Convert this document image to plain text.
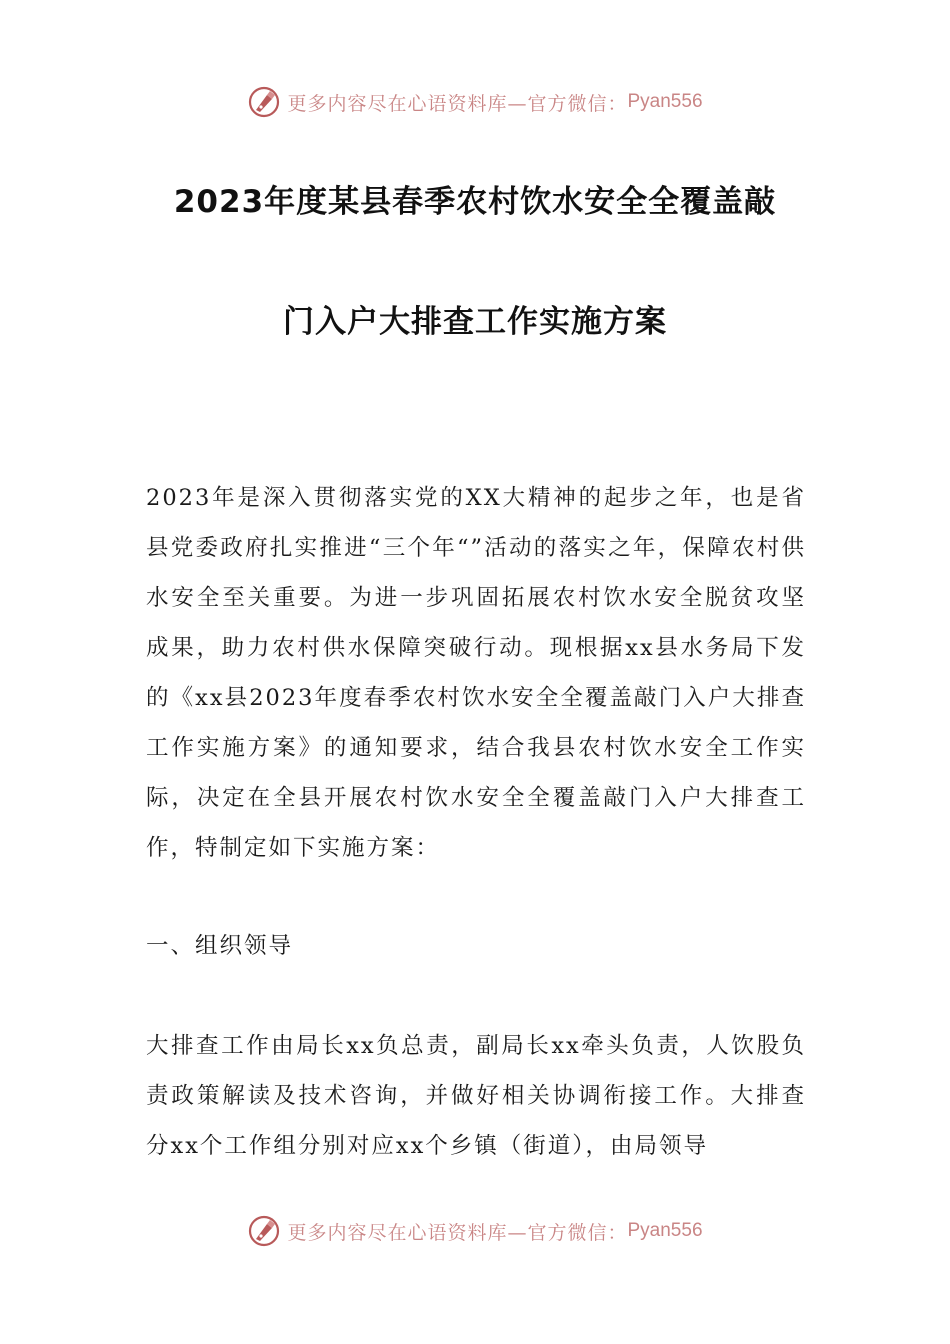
更多内容尽在心语资料库—官方微信： Pyan556
2023年度某县春季农村饮水安全全覆盖敲
门入户大排查工作实施方案

2023年是深入贯彻落实党的XX大精神的起步之年，也是省县党委政府扎实推进“三个年“”活动的落实之年，保障农村供水安全至关重要。为进一步巩固拓展农村饮水安全脱贫攻坚成果，助力农村供水保障突破行动。现根据xx县水务局下发的《xx县2023年度春季农村饮水安全全覆盖敲门入户大排查工作实施方案》的通知要求，结合我县农村饮水安全工作实际，决定在全县开展农村饮水安全全覆盖敲门入户大排查工作，特制定如下实施方案：

一、组织领导

大排查工作由局长xx负总责，副局长xx牵头负责，人饮股负责政策解读及技术咨询，并做好相关协调衔接工作。大排查分xx个工作组分别对应xx个乡镇（街道），由局领导

更多内容尽在心语资料库—官方微信： Pyan556
